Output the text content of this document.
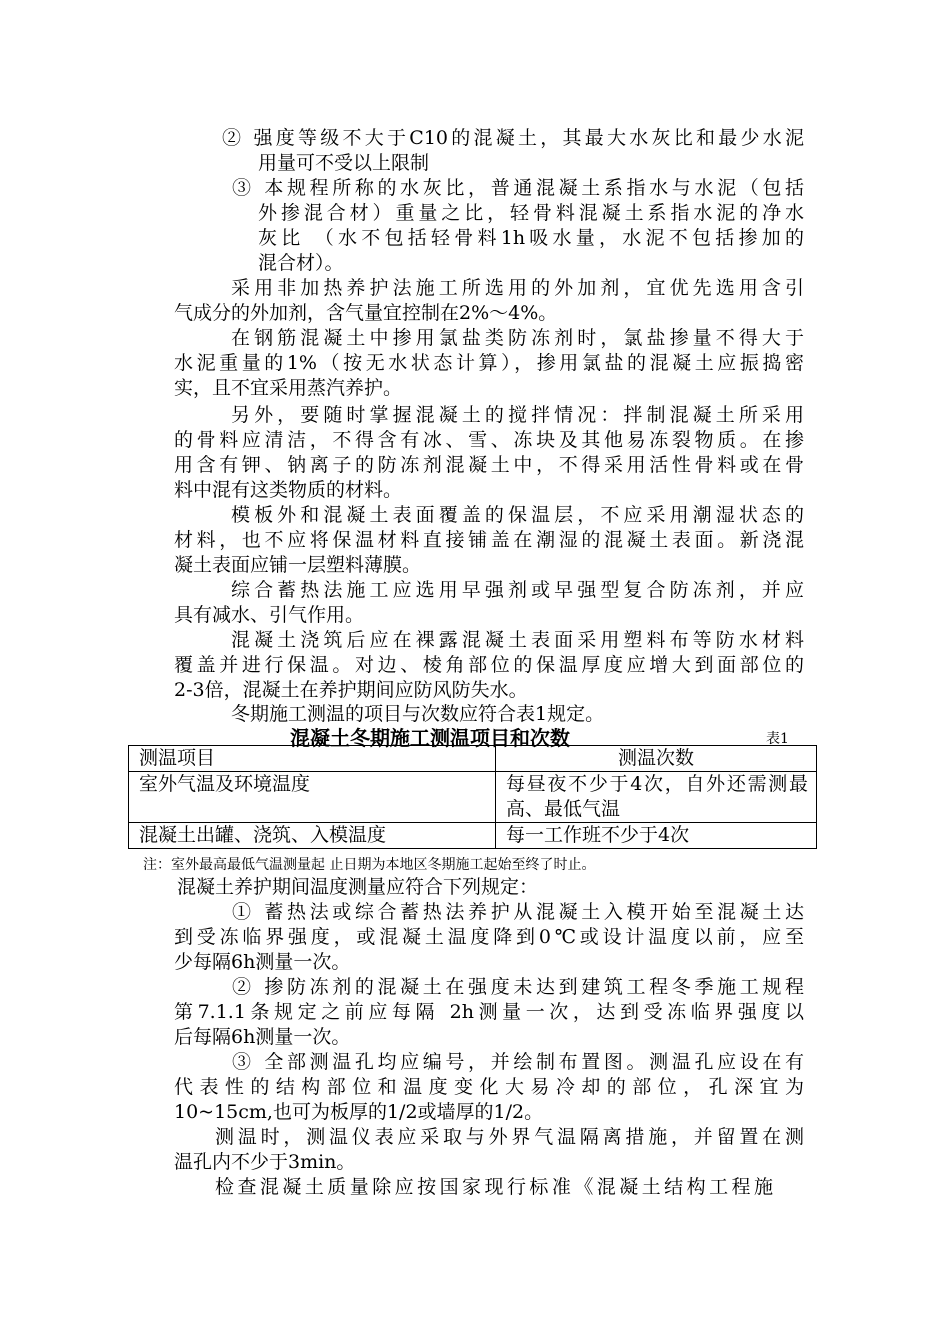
② 强度等级不大于C10的混凝土，其最大水灰比和最少水泥
用量可不受以上限制
③ 本规程所称的水灰比，普通混凝土系指水与水泥（包括
外掺混合材）重量之比，轻骨料混凝土系指水泥的净水
灰比 （水不包括轻骨料1h吸水量，水泥不包括掺加的
混合材）。
采用非加热养护法施工所选用的外加剂，宜优先选用含引
气成分的外加剂，含气量宜控制在2%～4%。
在钢筋混凝土中掺用氯盐类防冻剂时，氯盐掺量不得大于
水泥重量的1%（按无水状态计算），掺用氯盐的混凝土应振捣密
实，且不宜采用蒸汽养护。
另外，要随时掌握混凝土的搅拌情况：拌制混凝土所采用
的骨料应清洁，不得含有冰、雪、冻块及其他易冻裂物质。在掺
用含有钾、钠离子的防冻剂混凝土中，不得采用活性骨料或在骨
料中混有这类物质的材料。
模板外和混凝土表面覆盖的保温层，不应采用潮湿状态的
材料，也不应将保温材料直接铺盖在潮湿的混凝土表面。新浇混
凝土表面应铺一层塑料薄膜。
综合蓄热法施工应选用早强剂或早强型复合防冻剂，并应
具有减水、引气作用。
混凝土浇筑后应在裸露混凝土表面采用塑料布等防水材料
覆盖并进行保温。对边、棱角部位的保温厚度应增大到面部位的
2-3倍，混凝土在养护期间应防风防失水。
冬期施工测温的项目与次数应符合表1规定。
混凝土冬期施工测温项目和次数	表1
测温项目	测温次数
室外气温及环境温度	每昼夜不少于4次，自外还需测最高、最低气温
混凝土出罐、浇筑、入模温度	每一工作班不少于4次
注：室外最高最低气温测量起 止日期为本地区冬期施工起始至终了时止。
混凝土养护期间温度测量应符合下列规定：
① 蓄热法或综合蓄热法养护从混凝土入模开始至混凝土达
到受冻临界强度，或混凝土温度降到0℃或设计温度以前，应至
少每隔6h测量一次。
② 掺防冻剂的混凝土在强度未达到建筑工程冬季施工规程
第7.1.1条规定之前应每隔 2h测量一次，达到受冻临界强度以
后每隔6h测量一次。
③ 全部测温孔均应编号，并绘制布置图。测温孔应设在有
代表性的结构部位和温度变化大易冷却的部位，孔深宜为
10~15cm,也可为板厚的1/2或墙厚的1/2。
测温时，测温仪表应采取与外界气温隔离措施，并留置在测
温孔内不少于3min。
检查混凝土质量除应按国家现行标准《混凝土结构工程施
